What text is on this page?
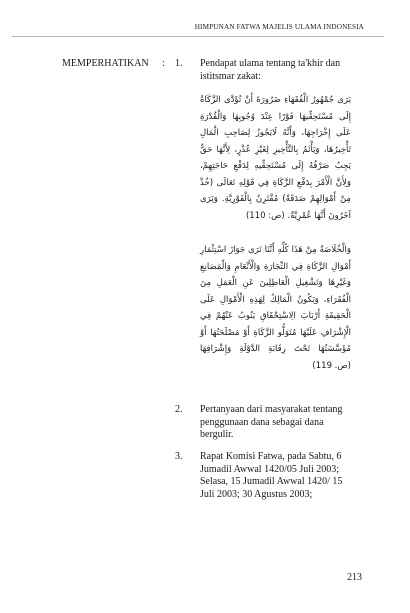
HIMPUNAN FATWA MAJELIS ULAMA INDONESIA
MEMPERHATIKAN : 1. Pendapat ulama tentang ta'khir dan
istitsmar zakat:
يَرَى جُمْهُورُ الْفُقَهَاءِ ضَرُورَةَ أَنْ تُؤَدَّى الزَّكَاةُ إِلَى مُسْتَحِقِّيهَا فَوْرًا عِنْدَ وُجُوبِهَا وَالْقُدْرَةِ عَلَى إِخْرَاجِهَا، وَأَنَّهُ لَايَجُوزُ لِصَاحِبِ الْمَالِ تَأْخِيرُهَا، وَيَأْثَمُ بِالتَّأْخِيرِ لِغَيْرِ عُذْرٍ، لِأَنَّهَا حَقٌّ يَجِبُ صَرْفُهُ إِلَى مُسْتَحِقِّيهِ لِدَفْعِ حَاجَتِهِمْ، وَلِأَنَّ الْأَمْرَ بِدَفْعِ الزَّكَاةِ فِي قَوْلِهِ تَعَالَى (خُذْ مِنْ أَمْوَالِهِمْ صَدَقَةً) مُقْتَرِنٌ بِالْفَوْرِيَّةِ. وَيَرَى آخَرُونَ أَنَّهَا عُمْرِيَّةٌ. (ص: 110)
وَالْخُلَاصَةُ مِنْ هَذَا كُلِّهِ أَنَّنَا نَرَى جَوَازَ اسْتِثْمَارِ أَمْوَالِ الزَّكَاةِ فِي التِّجَارَةِ وَالْأَنْعَامِ وَالْمَصَانِعِ وَغَيْرِهَا وَتَشْغِيلِ الْعَاطِلِينَ عَنِ الْعَمَلِ مِنَ الْفُقَرَاءِ، وَيَكُونُ الْمَالِكُ لِهَذِهِ الْأَمْوَالِ عَلَى الْحَقِيقَةِ أَرْبَابَ الِاسْتِحْقَاقِ يَنُوبُ عَنْهُمْ فِي الْإِشْرَافِ عَلَيْهَا مُتَوَلُّو الزَّكَاةِ أَوْ مَصْلَحَتُهَا أَوْ مُؤَسَّسَتُهَا تَحْتَ رِقَابَةِ الدَّوْلَةِ وَإِشْرَافِهَا (ص. 119)
2. Pertanyaan dari masyarakat tentang
penggunaan dana sebagai dana
bergulir.
3. Rapat Komisi Fatwa, pada Sabtu, 6
Jumadil Awwal 1420/05 Juli 2003;
Selasa, 15 Jumadil Awwal 1420/ 15
Juli 2003; 30 Agustus 2003;
213
